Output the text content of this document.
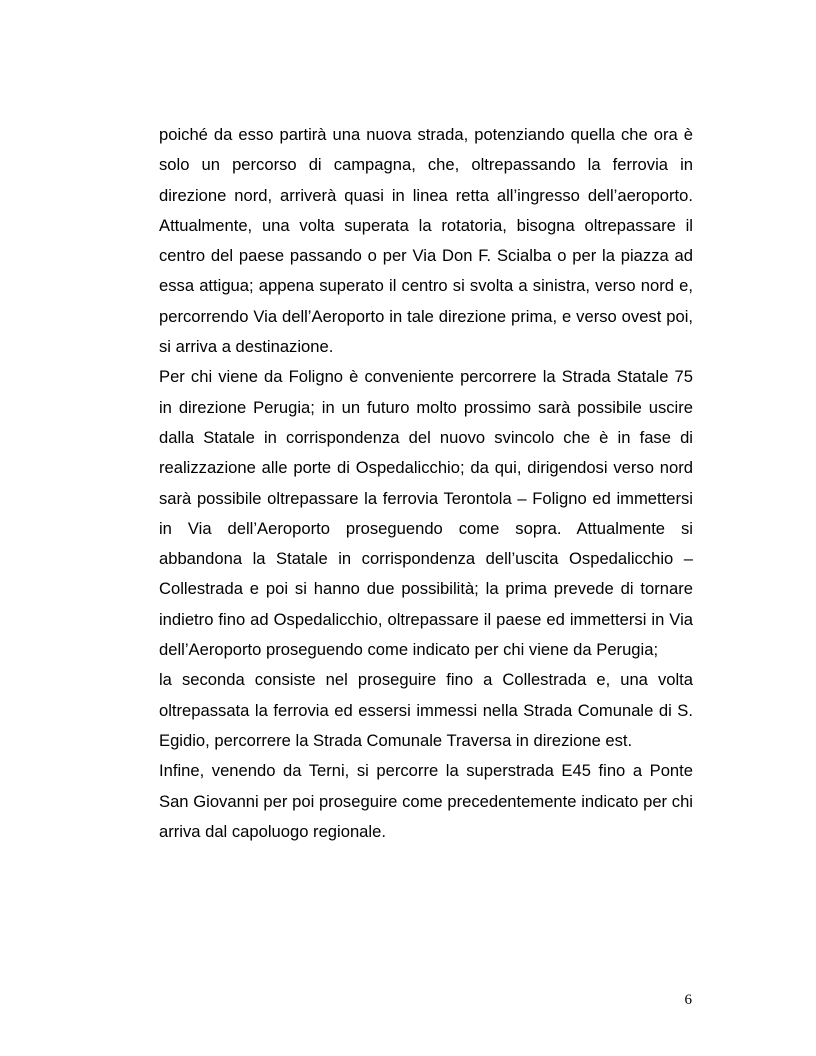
poiché da esso partirà una nuova strada, potenziando quella che ora è solo un percorso di campagna, che, oltrepassando la ferrovia in direzione nord, arriverà quasi in linea retta all’ingresso dell’aeroporto. Attualmente, una volta superata la rotatoria, bisogna oltrepassare il centro del paese passando o per Via Don F. Scialba o per la piazza ad essa attigua; appena superato il centro si svolta a sinistra, verso nord e, percorrendo Via dell’Aeroporto in tale direzione prima, e verso ovest poi, si arriva a destinazione.

Per chi viene da Foligno è conveniente percorrere la Strada Statale 75 in direzione Perugia; in un futuro molto prossimo sarà possibile uscire dalla Statale in corrispondenza del nuovo svincolo che è in fase di realizzazione alle porte di Ospedalicchio; da qui, dirigendosi verso nord sarà possibile oltrepassare la ferrovia Terontola – Foligno ed immettersi in Via dell’Aeroporto proseguendo come sopra. Attualmente si abbandona la Statale in corrispondenza dell’uscita Ospedalicchio – Collestrada e poi si hanno due possibilità; la prima prevede di tornare indietro fino ad Ospedalicchio, oltrepassare il paese ed immettersi in Via dell’Aeroporto proseguendo come indicato per chi viene da Perugia;

la seconda consiste nel proseguire fino a Collestrada e, una volta oltrepassata la ferrovia ed essersi immessi nella Strada Comunale di S. Egidio, percorrere la Strada Comunale Traversa in direzione est.

Infine, venendo da Terni, si percorre la superstrada E45 fino a Ponte San Giovanni per poi proseguire come precedentemente indicato per chi arriva dal capoluogo regionale.

6
